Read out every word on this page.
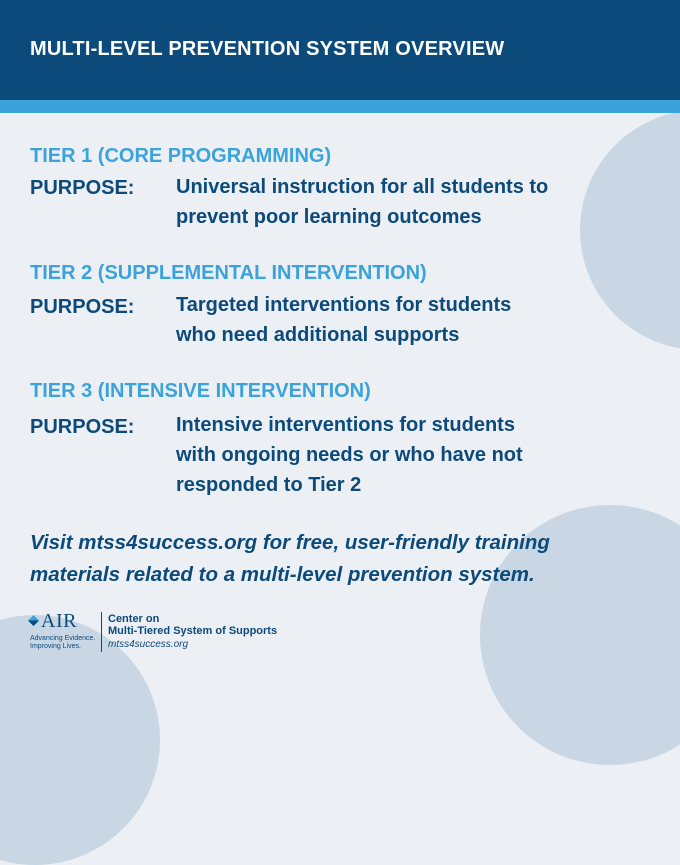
MULTI-LEVEL PREVENTION SYSTEM OVERVIEW
TIER 1 (CORE PROGRAMMING)
PURPOSE: Universal instruction for all students to
prevent poor learning outcomes
TIER 2 (SUPPLEMENTAL INTERVENTION)
PURPOSE: Targeted interventions for students
who need additional supports
TIER 3 (INTENSIVE INTERVENTION)
PURPOSE: Intensive interventions for students
with ongoing needs or who have not
responded to Tier 2
Visit mtss4success.org for free, user-friendly training
materials related to a multi-level prevention system.
AIR
Advancing Evidence. Improving Lives.
Center on
Multi-Tiered System of Supports
mtss4success.org
